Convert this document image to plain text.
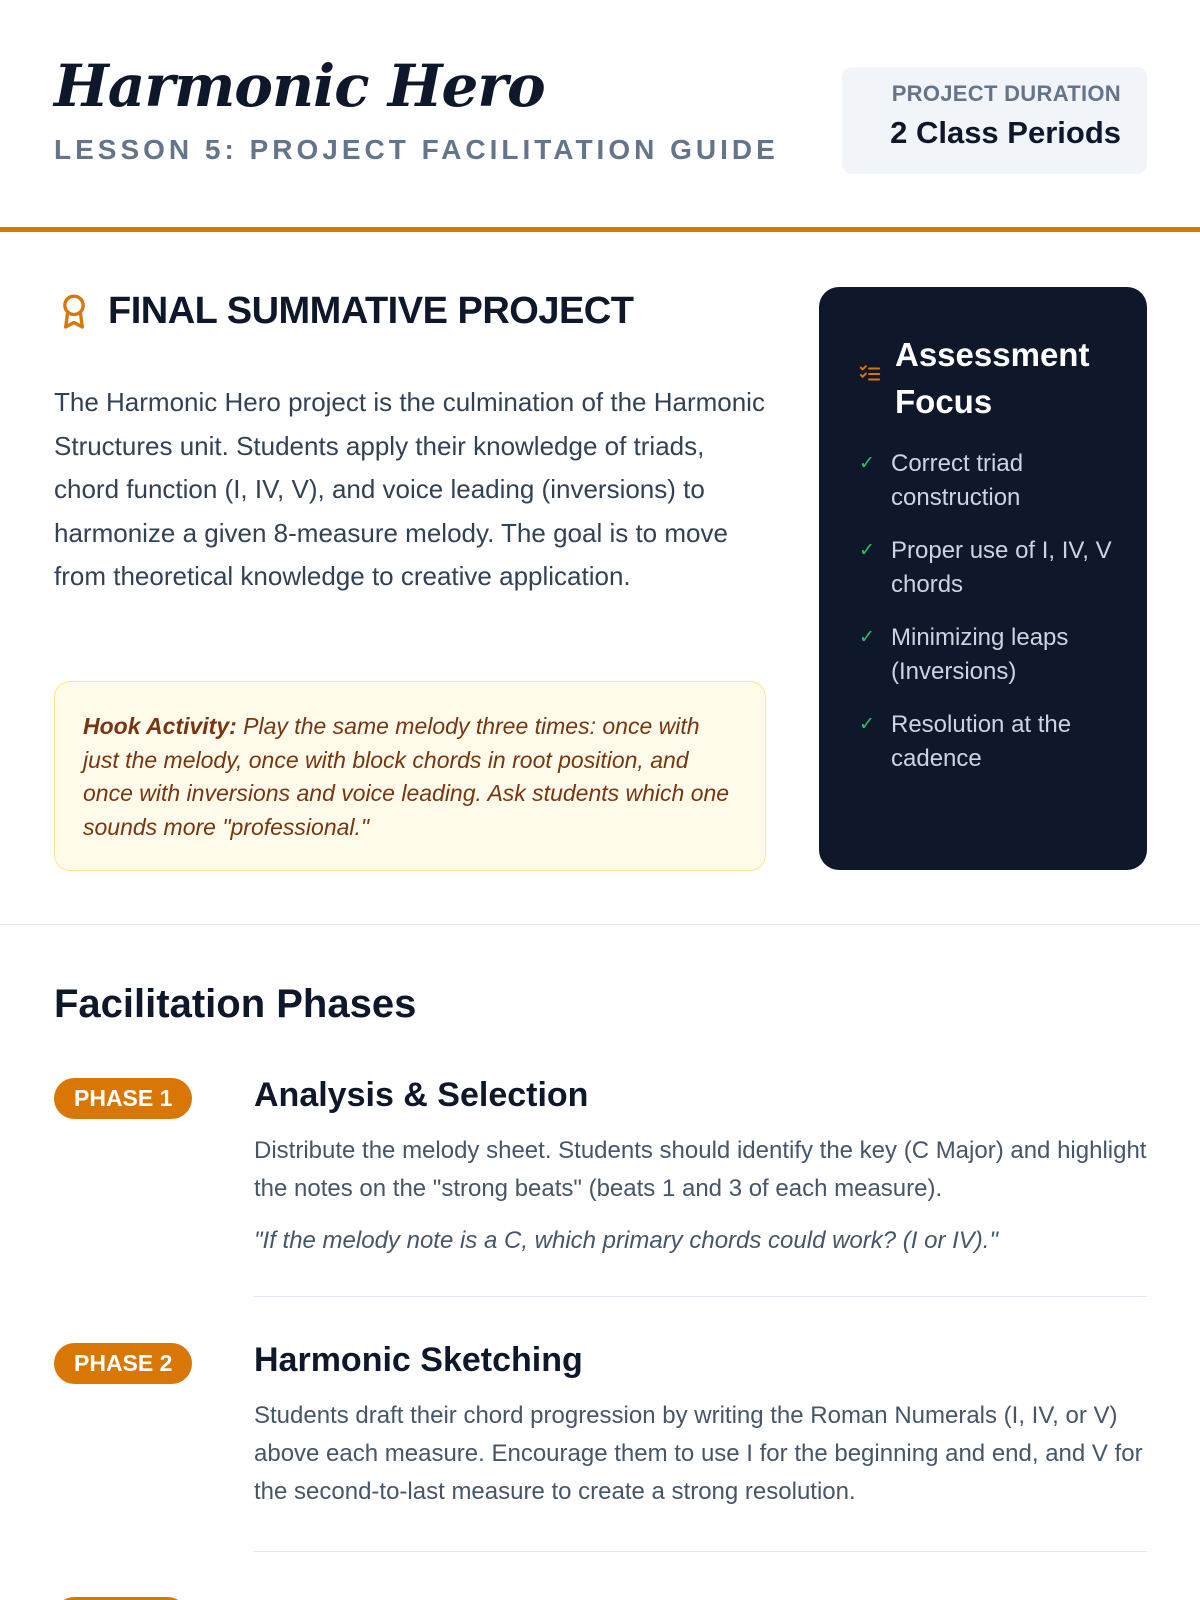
Harmonic Hero
LESSON 5: PROJECT FACILITATION GUIDE
PROJECT DURATION
2 Class Periods
FINAL SUMMATIVE PROJECT

The Harmonic Hero project is the culmination of the Harmonic Structures unit. Students apply their knowledge of triads, chord function (I, IV, V), and voice leading (inversions) to harmonize a given 8-measure melody. The goal is to move from theoretical knowledge to creative application.

Hook Activity: Play the same melody three times: once with just the melody, once with block chords in root position, and once with inversions and voice leading. Ask students which one sounds more "professional."
Assessment Focus
✓ Correct triad construction
✓ Proper use of I, IV, V chords
✓ Minimizing leaps (Inversions)
✓ Resolution at the cadence
Facilitation Phases
PHASE 1	Analysis & Selection

Distribute the melody sheet. Students should identify the key (C Major) and highlight the notes on the "strong beats" (beats 1 and 3 of each measure).

"If the melody note is a C, which primary chords could work? (I or IV)."

PHASE 2	Harmonic Sketching

Students draft their chord progression by writing the Roman Numerals (I, IV, or V) above each measure. Encourage them to use I for the beginning and end, and V for the second-to-last measure to create a strong resolution.
